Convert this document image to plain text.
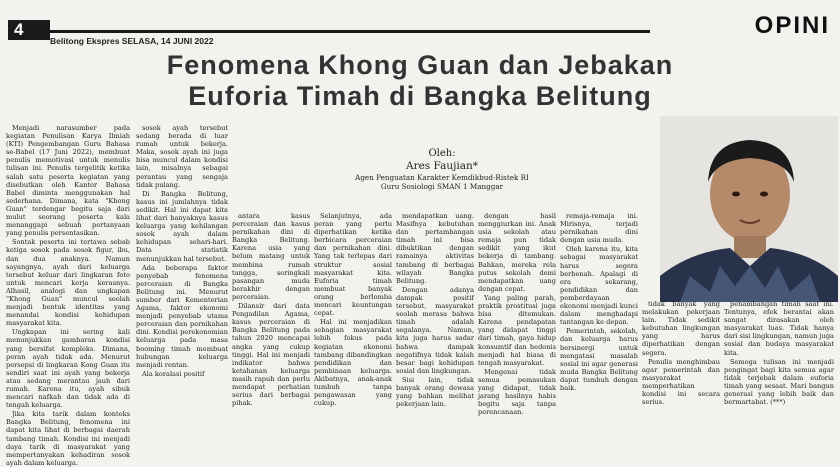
4	OPINI
Belitong Ekspres SELASA, 14 JUNI 2022
Fenomena Khong Guan dan Jebakan
Euforia Timah di Bangka Belitung
Oleh:
Ares Faujian*
Agen Penguatan Karakter Kemdikbud-Ristek RI
Guru Sosiologi SMAN 1 Manggar

Menjadi narasumber pada kegiatan Penulisan Karya Ilmiah (KTI) Pengembangan Guru Bahasa se-Babel (17 Juni 2022), membuat penulis memotivasi untuk menulis tulisan ini. Penulis tergelitik ketika salah satu peserta kegiatan yang disebutkan oleh Kantor Bahasa Babel diminta menggunakan hal sederhana. Dimana, kata "Khong Guan" terdengar begitu saja dari mulut seorang peserta kala menanggapi sebuah pertanyaan yang penulis persentasikan.

Sontak peserta ini tertawa sebab ketiga sosok pada sosok figur, ibu, dan dua anaknya. Namun sayangnya, ayah dari keluarga tersebut keluar dari lingkaran foto untuk mencari kerja kerasnya. Alhasil, analogi dan ungkapan "Khong Guan" muncul seolah menjadi bentuk identitas yang menandai kondisi kehidupan masyarakat kita.

Ungkapan ini sering kali menunjukkan gambaran kondisi yang bersifat kompleks. Dimana, peran ayah tidak ada. Menurut persepsi di lingkaran Kong Guan itu sendiri saat ini ayah yang bekerja atau sedang merantau jauh dari rumah. Karena itu, ayah sibuk mencari nafkah dan tidak ada di tengah keluarga.

Jika kita tarik dalam konteks Bangka Belitung, fenomena ini dapat kita lihat di berbagai daerah tambang timah. Kondisi ini menjadi daya tarik di masyarakat yang mempertanyakan kehadiran sosok ayah dalam keluarga.

sosok ayah tersebut sedang berada di luar rumah untuk bekerja. Maka, sosok ayah ini juga bisa muncul dalam kondisi lain, misalnya sebagai perantau yang sengaja tidak pulang.

Di Bangka Belitung, kasus ini jumlahnya tidak sedikit. Hal ini dapat kita lihat dari banyaknya kasus keluarga yang kehilangan sosok ayah dalam kehidupan sehari-hari. Data statistik menunjukkan hal tersebut.

Ada beberapa faktor penyebab fenomena perceraian di Bangka Belitung ini. Menurut sumber dari Kementerian Agama, faktor ekonomi menjadi penyebab utama perceraian dan pernikahan dini. Kondisi perekonomian keluarga pada masa booming timah membuat hubungan keluarga menjadi rentan.

Ala koralasi positif

antara kasus perceraian dan kasus pernikahan dini di Bangka Belitung. Karena usia yang belum matang untuk membina rumah tangga, seringkali pasangan muda berakhir dengan perceraian.

Dilansir dari data Pengadilan Agama, kasus perceraian di Bangka Belitung pada tahun 2020 mencapai angka yang cukup tinggi. Hal ini menjadi indikator bahwa ketahanan keluarga masih rapuh dan perlu mendapat perhatian serius dari berbagai pihak.

Selanjutnya, ada peran yang perlu diperhatikan ketika berbicara perceraian dan pernikahan dini. Yang tak terlepas dari struktur sosial masyarakat kita. Euforia timah membuat banyak orang berlomba mencari keuntungan cepat.

Hal ini menjadikan sebagian masyarakat lebih fokus pada kegiatan ekonomi tambang dibandingkan pendidikan dan pembinaan keluarga. Akibatnya, anak-anak tumbuh tanpa pengawasan yang cukup.

mendapatkan uang. Masifnya kebutuhan dan pertambangan timah ini bisa dibuktikan dengan ramainya aktivitas tambang di berbagai wilayah Bangka Belitung.

Dengan adanya dampak positif tersebut, masyarakat seolah merasa bahwa timah adalah segalanya. Namun, kita juga harus sadar bahwa dampak negatifnya tidak kalah besar bagi kehidupan sosial dan lingkungan.

Sisi lain, tidak banyak orang dewasa yang bahkan melihat pekerjaan lain.

dengan hasil menggiurkan ini. Anak usia sekolah atau remaja pun tidak sedikit yang ikut bekerja di tambang. Bahkan, mereka rela putus sekolah demi mendapatkan uang dengan cepat.

Yang paling parah, praktik prostitusi juga bisa ditemukan. Karena pendapatan yang didapat tinggi dari timah, gaya hidup konsumtif dan hedonis menjadi hal biasa di tengah masyarakat.

Mengenai tidak semua pemasukan yang didapat, tidak jarang hasilnya habis begitu saja tanpa perencanaan.

remaja-remaja ini. Mirisnya, terjadi pernikahan dini dengan usia muda.

Oleh karena itu, kita sebagai masyarakat harus segera berbenah. Apalagi di era sekarang, pendidikan dan pemberdayaan ekonomi menjadi kunci dalam menghadapi tantangan ke depan.

Pemerintah, sekolah, dan keluarga harus bersinergi untuk mengatasi masalah sosial ini agar generasi muda Bangka Belitung dapat tumbuh dengan baik.

tidak banyak yang melakukan pekerjaan lain. Tidak sedikit kebutuhan lingkungan yang harus diperhatikan dengan segera.

Penulis menghimbau agar pemerintah dan masyarakat memperhatikan kondisi ini secara serius.

penambangan timah saat ini. Tentunya, efek berantai akan sangat dirasakan oleh masyarakat luas. Tidak hanya dari sisi lingkungan, namun juga sosial dan budaya masyarakat kita.

Semoga tulisan ini menjadi pengingat bagi kita semua agar tidak terjebak dalam euforia timah yang sesaat. Mari bangun generasi yang lebih baik dan bermartabat. (***)
